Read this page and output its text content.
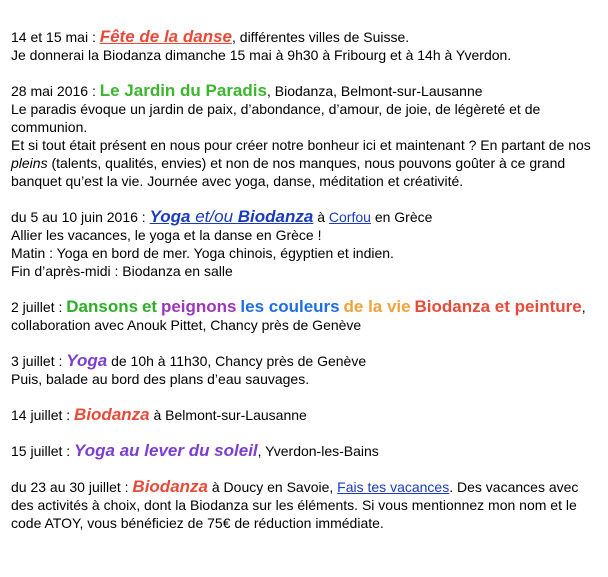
14 et 15 mai : Fête de la danse, différentes villes de Suisse.

Je donnerai la Biodanza dimanche 15 mai à 9h30 à Fribourg et à 14h à Yverdon.

28 mai 2016 : Le Jardin du Paradis, Biodanza, Belmont-sur-Lausanne

Le paradis évoque un jardin de paix, d’abondance, d’amour, de joie, de légèreté et de communion.

Et si tout était présent en nous pour créer notre bonheur ici et maintenant ? En partant de nos pleins (talents, qualités, envies) et non de nos manques, nous pouvons goûter à ce grand banquet qu’est la vie. Journée avec yoga, danse, méditation et créativité.

du 5 au 10 juin 2016 : Yoga et/ou Biodanza à Corfou en Grèce

Allier les vacances, le yoga et la danse en Grèce !

Matin : Yoga en bord de mer. Yoga chinois, égyptien et indien.

Fin d’après-midi : Biodanza en salle

2 juillet : Dansons et peignons les couleurs de la vie Biodanza et peinture, collaboration avec Anouk Pittet, Chancy près de Genève

3 juillet : Yoga de 10h à 11h30, Chancy près de Genève

Puis, balade au bord des plans d’eau sauvages.

14 juillet : Biodanza à Belmont-sur-Lausanne

15 juillet : Yoga au lever du soleil, Yverdon-les-Bains

du 23 au 30 juillet : Biodanza à Doucy en Savoie, Fais tes vacances. Des vacances avec des activités à choix, dont la Biodanza sur les éléments. Si vous mentionnez mon nom et le code ATOY, vous bénéficiez de 75€ de réduction immédiate.
